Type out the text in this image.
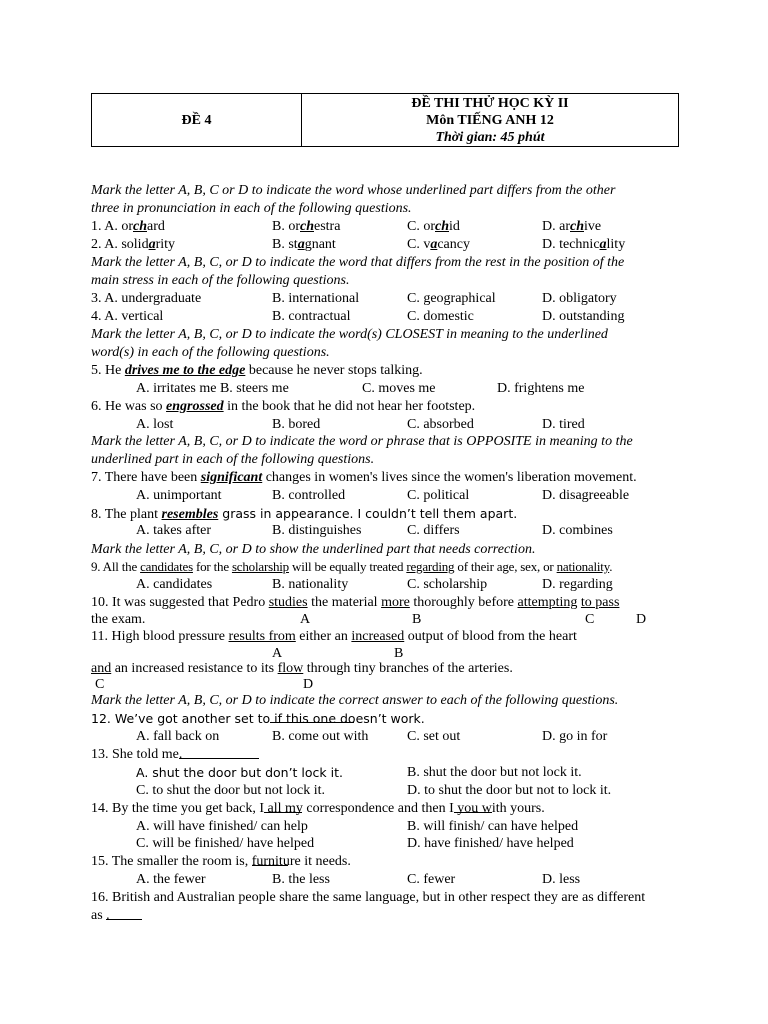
ĐỀ 4	
ĐỀ THI THỬ HỌC KỲ II
Môn TIẾNG ANH 12
Thời gian: 45 phút
Mark the letter A, B, C or D to indicate the word whose underlined part differs from the other
three in pronunciation in each of the following questions.
1. A. orchard	B. orchestra	C. orchid	D. archive
2. A. solidarity	B. stagnant	C. vacancy	D. technicality
Mark the letter A, B, C, or D to indicate the word that differs from the rest in the position of the
main stress in each of the following questions.
3. A. undergraduate	B. international	C. geographical	D. obligatory
4. A. vertical	B. contractual	C. domestic	D. outstanding
Mark the letter A, B, C, or D to indicate the word(s) CLOSEST in meaning to the underlined
word(s) in each of the following questions.
5. He drives me to the edge because he never stops talking.
A. irritates me B. steers me	C. moves me	D. frightens me
6. He was so engrossed in the book that he did not hear her footstep.
A. lost	B. bored	C. absorbed	D. tired
Mark the letter A, B, C, or D to indicate the word or phrase that is OPPOSITE in meaning to the
underlined part in each of the following questions.
7. There have been significant changes in women's lives since the women's liberation movement.
A. unimportant	B. controlled	C. political	D. disagreeable
8. The plant resembles grass in appearance. I couldn’t tell them apart.
A. takes after	B. distinguishes	C. differs	D. combines
Mark the letter A, B, C, or D to show the underlined part that needs correction.
9. All the candidates for the scholarship will be equally treated regarding of their age, sex, or nationality.
A. candidates	B. nationality	C. scholarship	D. regarding
10. It was suggested that Pedro studies the material more thoroughly before attempting to pass
the exam.	A	B	C	D
11. High blood pressure results from either an increased output of blood from the heart
A	B
and an increased resistance to its flow through tiny branches of the arteries.
C	D
Mark the letter A, B, C, or D to indicate the correct answer to each of the following questions.
12. We’ve got another set to
if this one doesn’t work.
A. fall back on	B. come out with	C. set out	D. go in for
13. She told me
.
A. shut the door but don’t lock it.	B. shut the door but not lock it.
C. to shut the door but not lock it.	D. to shut the door but not to lock it.
14. By the time you get back, I
all my correspondence and then I
you with yours.
A. will have finished/ can help	B. will finish/ can have helped
C. will be finished/ have helped	D. have finished/ have helped
15. The smaller the room is,
furniture it needs.
A. the fewer	B. the less	C. fewer	D. less
16. British and Australian people share the same language, but in other respect they are as different
as
.
